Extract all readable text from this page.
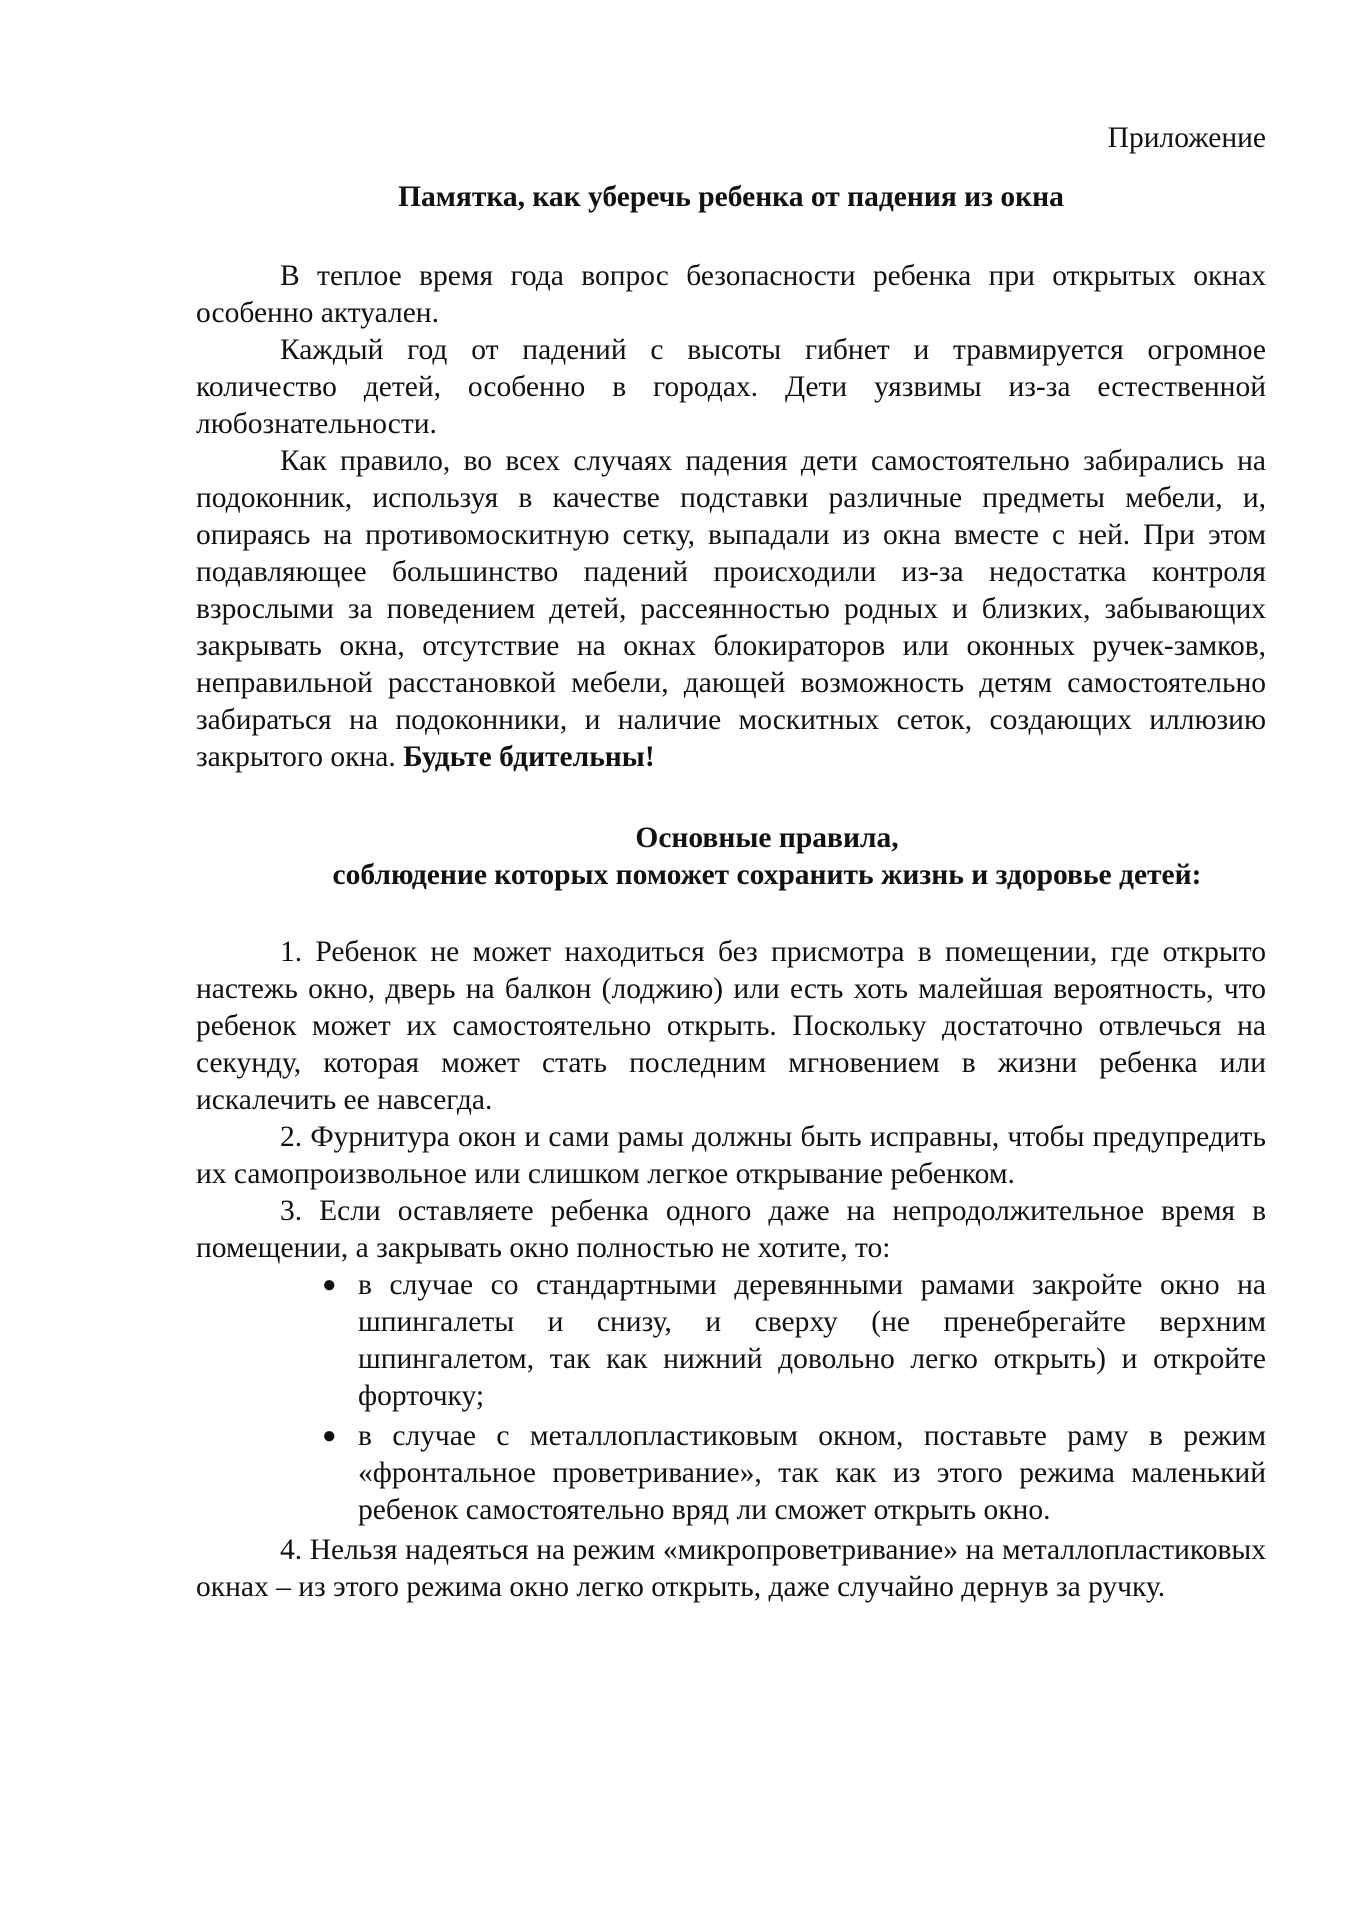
Приложение

Памятка, как уберечь ребенка от падения из окна

В теплое время года вопрос безопасности ребенка при открытых окнах особенно актуален.

Каждый год от падений с высоты гибнет и травмируется огромное количество детей, особенно в городах. Дети уязвимы из-за естественной любознательности.

Как правило, во всех случаях падения дети самостоятельно забирались на подоконник, используя в качестве подставки различные предметы мебели, и, опираясь на противомоскитную сетку, выпадали из окна вместе с ней. При этом подавляющее большинство падений происходили из-за недостатка контроля взрослыми за поведением детей, рассеянностью родных и близких, забывающих закрывать окна, отсутствие на окнах блокираторов или оконных ручек-замков, неправильной расстановкой мебели, дающей возможность детям самостоятельно забираться на подоконники, и наличие москитных сеток, создающих иллюзию закрытого окна. Будьте бдительны!

Основные правила,
соблюдение которых поможет сохранить жизнь и здоровье детей:

1. Ребенок не может находиться без присмотра в помещении, где открыто настежь окно, дверь на балкон (лоджию) или есть хоть малейшая вероятность, что ребенок может их самостоятельно открыть. Поскольку достаточно отвлечься на секунду, которая может стать последним мгновением в жизни ребенка или искалечить ее навсегда.

2. Фурнитура окон и сами рамы должны быть исправны, чтобы предупредить их самопроизвольное или слишком легкое открывание ребенком.

3. Если оставляете ребенка одного даже на непродолжительное время в помещении, а закрывать окно полностью не хотите, то:

● в случае со стандартными деревянными рамами закройте окно на шпингалеты и снизу, и сверху (не пренебрегайте верхним шпингалетом, так как нижний довольно легко открыть) и откройте форточку;
● в случае с металлопластиковым окном, поставьте раму в режим «фронтальное проветривание», так как из этого режима маленький ребенок самостоятельно вряд ли сможет открыть окно.

4. Нельзя надеяться на режим «микропроветривание» на металлопластиковых окнах – из этого режима окно легко открыть, даже случайно дернув за ручку.
